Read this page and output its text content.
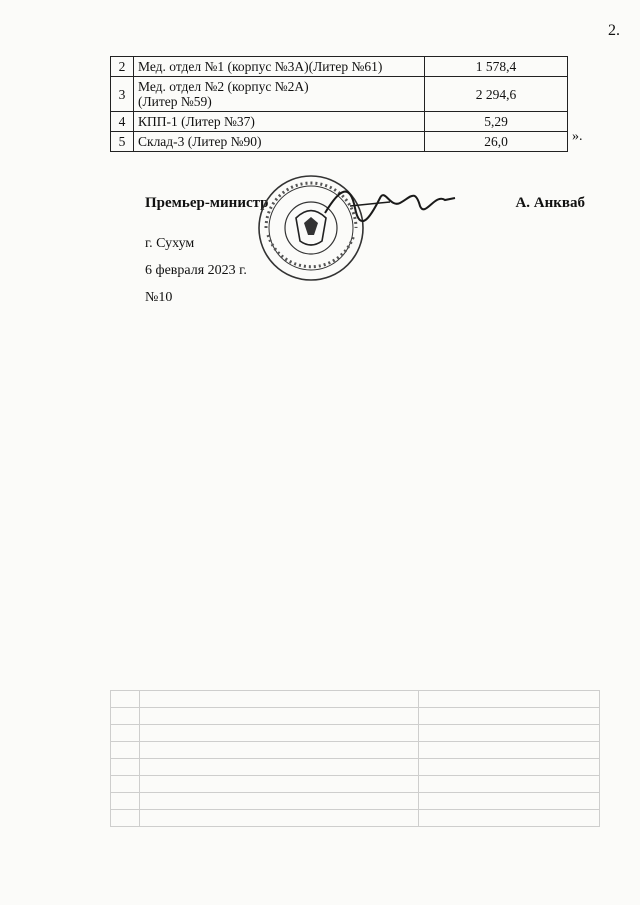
2.

2	Мед. отдел №1 (корпус №3А)(Литер №61)	1 578,4
3	Мед. отдел №2 (корпус №2А)
(Литер №59)	2 294,6
4	КПП-1 (Литер №37)	5,29
5	Склад-3 (Литер №90)	26,0	».
Премьер-министр	А. Анкваб
г. Сухум
6 февраля 2023 г.
№10
